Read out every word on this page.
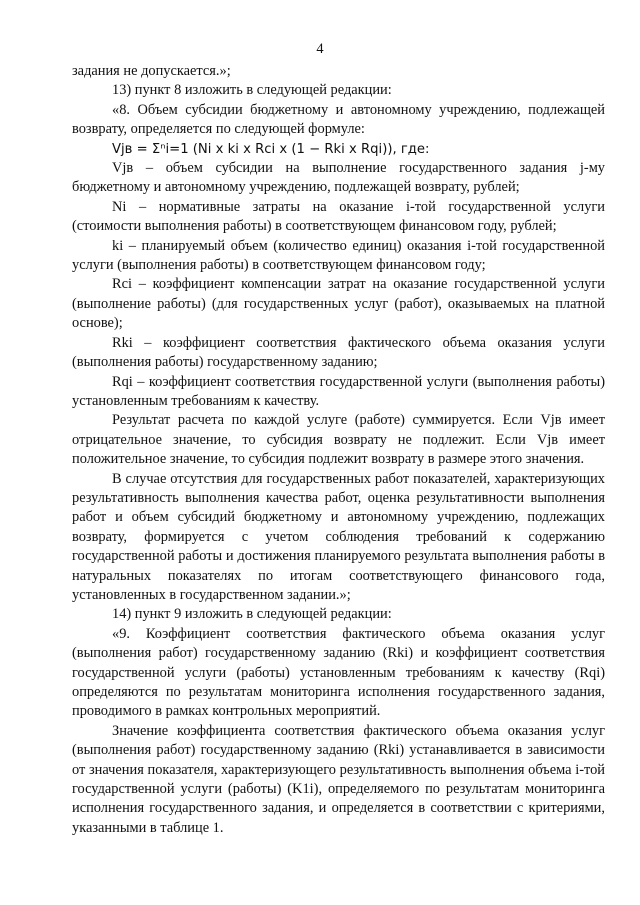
4

задания не допускается.»;

13) пункт 8 изложить в следующей редакции:

«8. Объем субсидии бюджетному и автономному учреждению, подлежащей возврату, определяется по следующей формуле:

Vjв = Σⁿi=1 (Ni x ki x Rci x (1 − Rki x Rqi)), где:

Vjв – объем субсидии на выполнение государственного задания j-му бюджетному и автономному учреждению, подлежащей возврату, рублей;

Ni – нормативные затраты на оказание i-той государственной услуги (стоимости выполнения работы) в соответствующем финансовом году, рублей;

ki – планируемый объем (количество единиц) оказания i-той государственной услуги (выполнения работы) в соответствующем финансовом году;

Rci – коэффициент компенсации затрат на оказание государственной услуги (выполнение работы) (для государственных услуг (работ), оказываемых на платной основе);

Rki – коэффициент соответствия фактического объема оказания услуги (выполнения работы) государственному заданию;

Rqi – коэффициент соответствия государственной услуги (выполнения работы) установленным требованиям к качеству.

Результат расчета по каждой услуге (работе) суммируется. Если Vjв имеет отрицательное значение, то субсидия возврату не подлежит. Если Vjв имеет положительное значение, то субсидия подлежит возврату в размере этого значения.

В случае отсутствия для государственных работ показателей, характеризующих результативность выполнения качества работ, оценка результативности выполнения работ и объем субсидий бюджетному и автономному учреждению, подлежащих возврату, формируется с учетом соблюдения требований к содержанию государственной работы и достижения планируемого результата выполнения работы в натуральных показателях по итогам соответствующего финансового года, установленных в государственном задании.»;

14) пункт 9 изложить в следующей редакции:

«9. Коэффициент соответствия фактического объема оказания услуг (выполнения работ) государственному заданию (Rki) и коэффициент соответствия государственной услуги (работы) установленным требованиям к качеству (Rqi) определяются по результатам мониторинга исполнения государственного задания, проводимого в рамках контрольных мероприятий.

Значение коэффициента соответствия фактического объема оказания услуг (выполнения работ) государственному заданию (Rki) устанавливается в зависимости от значения показателя, характеризующего результативность выполнения объема i-той государственной услуги (работы) (K1i), определяемого по результатам мониторинга исполнения государственного задания, и определяется в соответствии с критериями, указанными в таблице 1.
